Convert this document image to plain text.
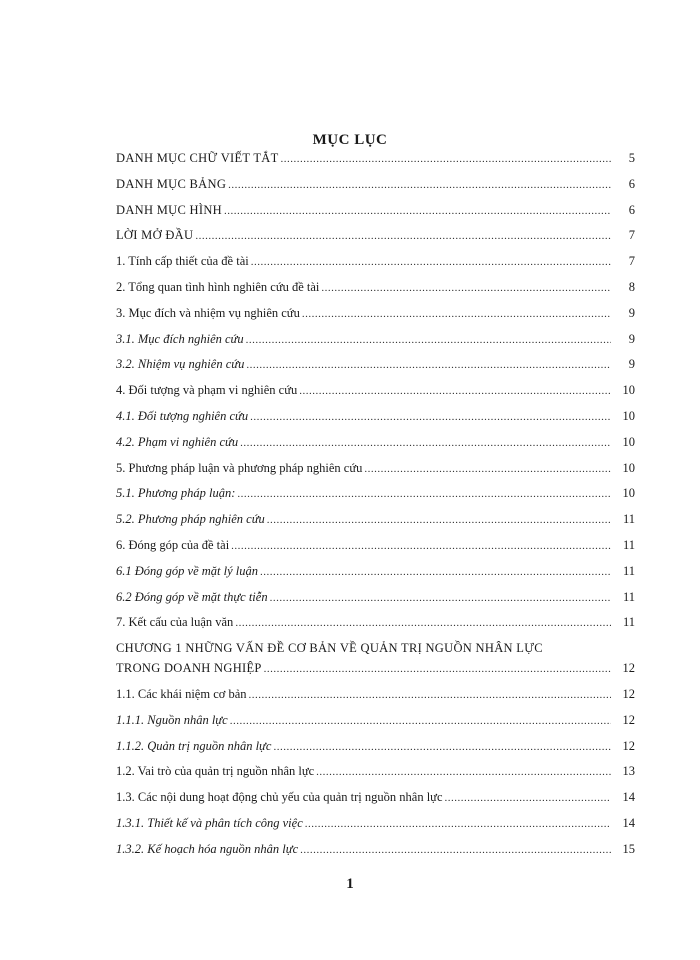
MỤC LỤC
DANH MỤC CHỮ VIẾT TẮT .....	5
DANH MỤC BẢNG .....	6
DANH MỤC HÌNH .....	6
LỜI MỞ ĐẦU .....	7
1. Tính cấp thiết của đề tài .....	7
2. Tổng quan tình hình nghiên cứu đề tài .....	8
3. Mục đích và nhiệm vụ nghiên cứu .....	9
3.1. Mục đích nghiên cứu .....	9
3.2. Nhiệm vụ nghiên cứu .....	9
4. Đối tượng và phạm vi nghiên cứu .....	10
4.1. Đối tượng nghiên cứu .....	10
4.2. Phạm vi nghiên cứu .....	10
5. Phương pháp luận và phương pháp nghiên cứu .....	10
5.1. Phương pháp luận: .....	10
5.2. Phương pháp nghiên cứu .....	11
6. Đóng góp của đề tài .....	11
6.1 Đóng góp về mặt lý luận .....	11
6.2 Đóng góp về mặt thực tiễn .....	11
7. Kết cấu của luận văn .....	11
CHƯƠNG 1 NHỮNG VẤN ĐỀ CƠ BẢN VỀ QUẢN TRỊ NGUỒN NHÂN LỰC
TRONG DOANH NGHIỆP .....	12
1.1. Các khái niệm cơ bản .....	12
1.1.1. Nguồn nhân lực .....	12
1.1.2. Quản trị nguồn nhân lực .....	12
1.2. Vai trò của quản trị nguồn nhân lực .....	13
1.3. Các nội dung hoạt động chủ yếu của quản trị nguồn nhân lực .....	14
1.3.1. Thiết kế và phân tích công việc .....	14
1.3.2. Kế hoạch hóa nguồn nhân lực .....	15
1
